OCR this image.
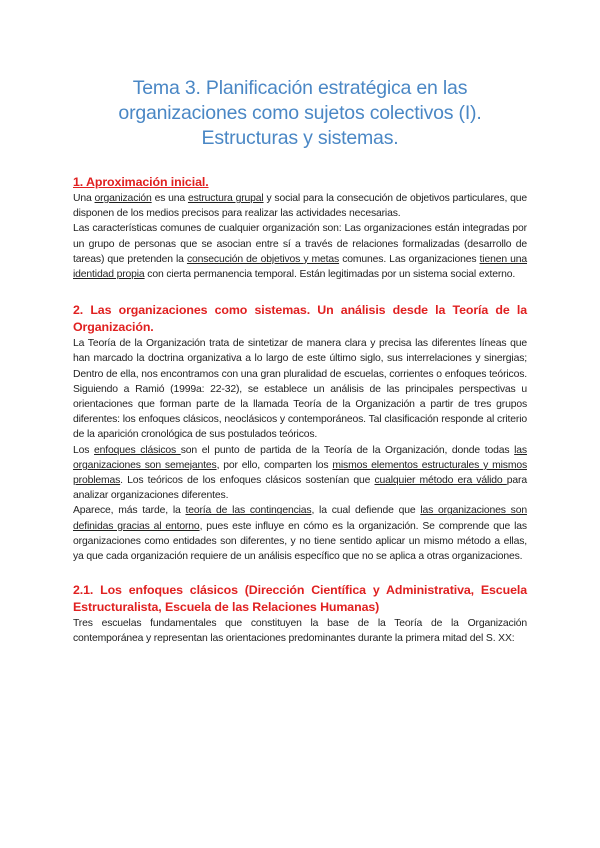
Tema 3. Planificación estratégica en las
organizaciones como sujetos colectivos (I).
Estructuras y sistemas.
1. Aproximación inicial.

Una organización es una estructura grupal y social para la consecución de objetivos particulares, que disponen de los medios precisos para realizar las actividades necesarias.

Las características comunes de cualquier organización son: Las organizaciones están integradas por un grupo de personas que se asocian entre sí a través de relaciones formalizadas (desarrollo de tareas) que pretenden la consecución de objetivos y metas comunes. Las organizaciones tienen una identidad propia con cierta permanencia temporal. Están legitimadas por un sistema social externo.

2. Las organizaciones como sistemas. Un análisis desde la Teoría de la Organización.

La Teoría de la Organización trata de sintetizar de manera clara y precisa las diferentes líneas que han marcado la doctrina organizativa a lo largo de este último siglo, sus interrelaciones y sinergias; Dentro de ella, nos encontramos con una gran pluralidad de escuelas, corrientes o enfoques teóricos. Siguiendo a Ramió (1999a: 22-32), se establece un análisis de las principales perspectivas u orientaciones que forman parte de la llamada Teoría de la Organización a partir de tres grupos diferentes: los enfoques clásicos, neoclásicos y contemporáneos. Tal clasificación responde al criterio de la aparición cronológica de sus postulados teóricos.

Los enfoques clásicos son el punto de partida de la Teoría de la Organización, donde todas las organizaciones son semejantes, por ello, comparten los mismos elementos estructurales y mismos problemas. Los teóricos de los enfoques clásicos sostenían que cualquier método era válido para analizar organizaciones diferentes.

Aparece, más tarde, la teoría de las contingencias, la cual defiende que las organizaciones son definidas gracias al entorno, pues este influye en cómo es la organización. Se comprende que las organizaciones como entidades son diferentes, y no tiene sentido aplicar un mismo método a ellas, ya que cada organización requiere de un análisis específico que no se aplica a otras organizaciones.

2.1. Los enfoques clásicos (Dirección Científica y Administrativa, Escuela Estructuralista, Escuela de las Relaciones Humanas)

Tres escuelas fundamentales que constituyen la base de la Teoría de la Organización contemporánea y representan las orientaciones predominantes durante la primera mitad del S. XX:
